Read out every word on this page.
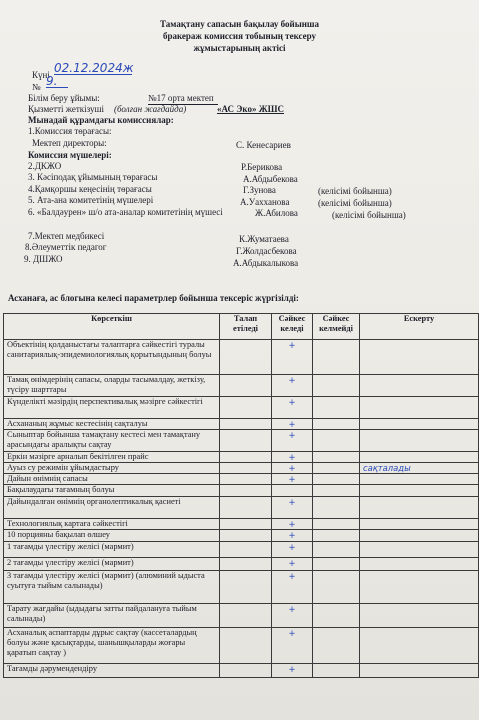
Тамақтану сапасын бақылау бойынша
бракераж комиссия тобының тексеру
жұмыстарының актісі
Күні 02.12.2024ж
№ 9.
Білім беру ұйымы:	№17 орта мектеп
Қызметті жеткізуші (болған жағдайда)	«АС Эко» ЖШС
Мынадай құрамдағы комиссиялар:
1.Комиссия төрағасы:
Мектеп директоры:	С. Кенесариев
Комиссия мүшелері:
2.ДКЖО	Р.Берикова
3. Кәсіподақ ұйымының төрағасы	А.Абдыбекова
4.Қамқоршы кеңесінің төрағасы	Г.Зунова	(келісімі бойынша)
5. Ата-ана комитетінің мүшелері	А.Уахханова	(келісімі бойынша)
6. «Балдәурен» ш/о ата-аналар комитетінің мүшесі	Ж.Абилова	(келісімі бойынша)
7.Мектеп медбикесі	К.Жуматаева
8.Әлеуметтік педагог	Г.Жолдасбекова
9. ДШЖО	А.Абдыкалыкова
Асханаға, ас блогына келесі параметрлер бойынша тексеріс жүргізілді:
Көрсеткіш	Талап етіледі	Сәйкес келеді	Сәйкес келмейді	Ескерту
Объектінің қолданыстағы талаптарға сәйкестігі туралы санитариялық-эпидемиологиялық қорытындының болуы		+		
Тамақ өнімдерінің сапасы, оларды тасымалдау, жеткізу, түсіру шарттары		+		
Күнделікті мәзірдің перспективалық мәзірге сәйкестігі		+		
Асхананың жұмыс кестесінің сақталуы		+		
Сыныптар бойынша тамақтану кестесі мен тамақтану арасындағы аралықты сақтау		+		
Еркін мәзірге арналып бекітілген прайс		+		
Ауыз су режимін ұйымдастыру		+		сақталады
Дайын өнімнің сапасы		+		
Бақылаудағы тағамның болуы				
Дайындалған өнімнің органолептикалық қасиеті		+		
Технологиялық картаға сәйкестігі		+		
10 порцияны бақылап өлшеу		+		
1 тағамды үлестіру желісі (мармит)		+		
2 тағамды үлестіру желісі (мармит)		+		
3 тағамды үлестіру желісі (мармит) (алюминий ыдыста суытуға тыйым салынады)		+		
Тарату жағдайы (ыдыдағы затты пайдалануға тыйым салынады)		+		
Асханалық аспаптарды дұрыс сақтау (кассеталардың болуы және қасықтарды, шанышқыларды жоғары қаратып сақтау )		+		
Тағамды дәрумендендіру		+		
